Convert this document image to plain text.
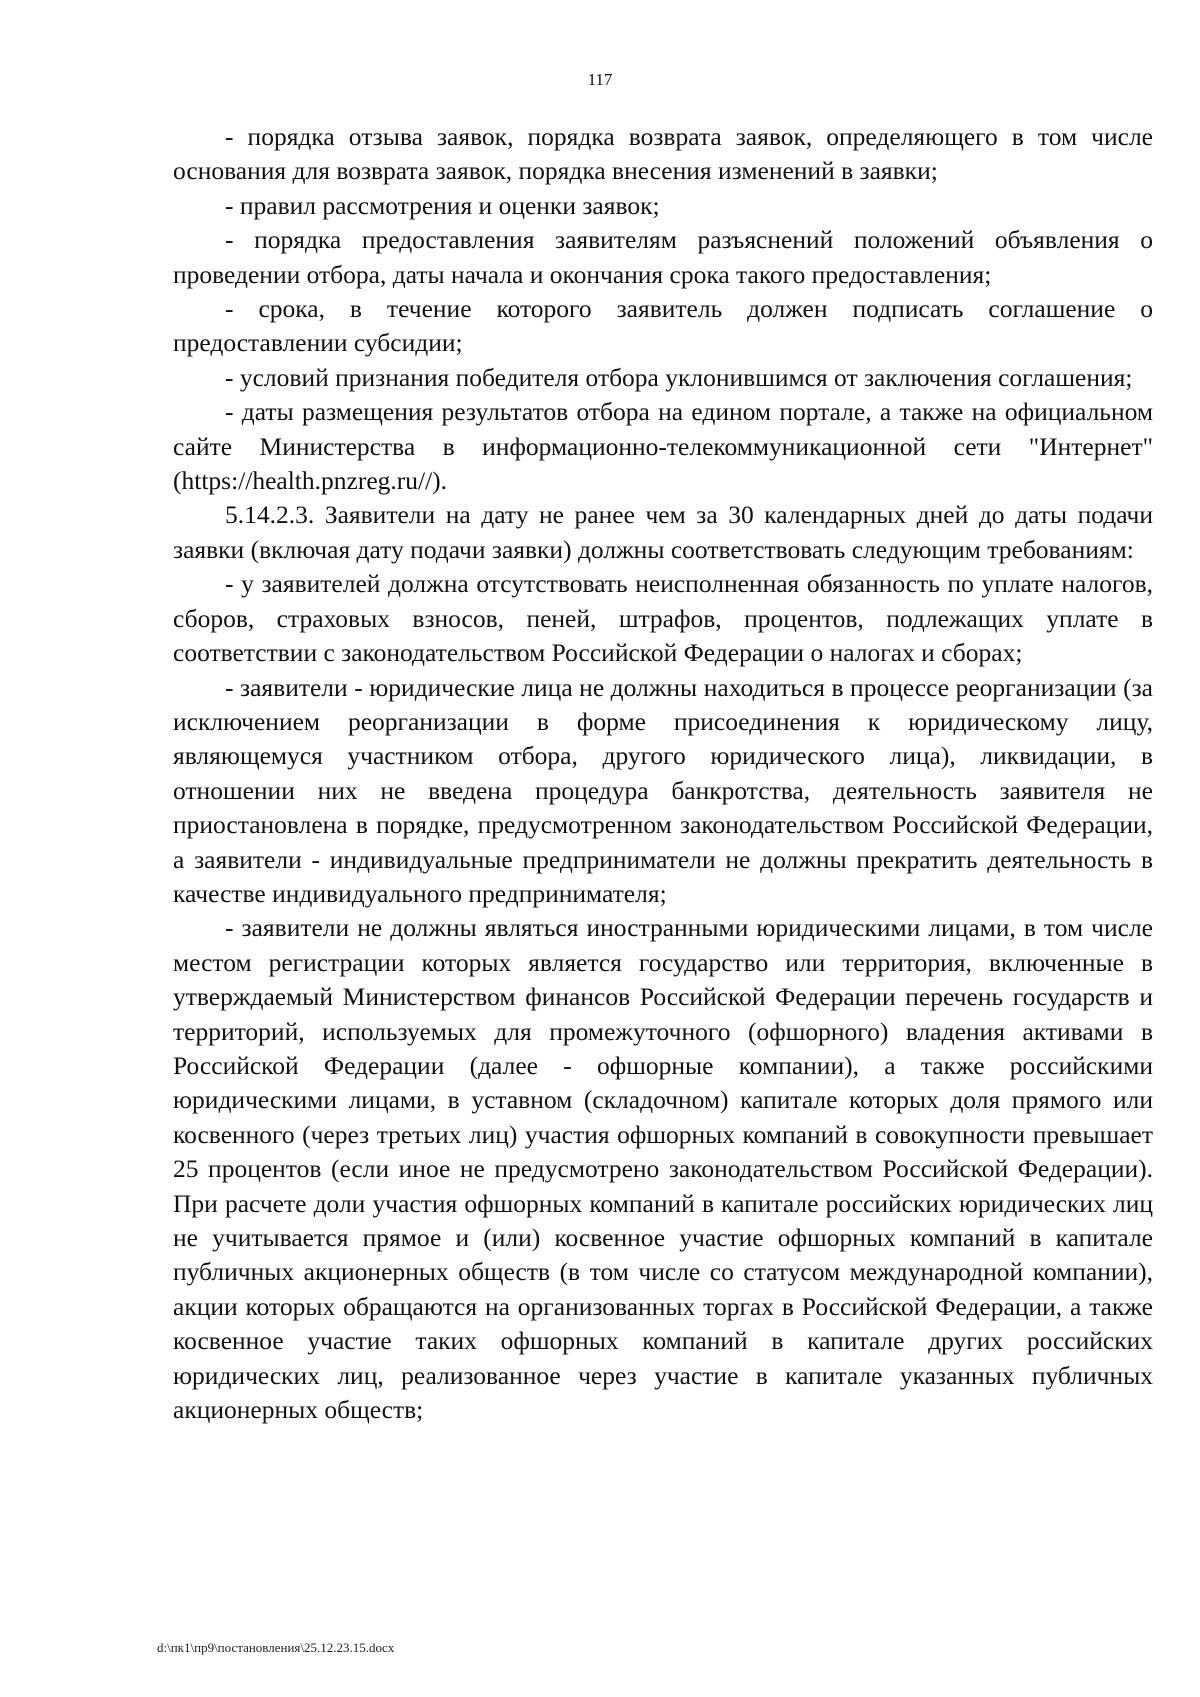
117

- порядка отзыва заявок, порядка возврата заявок, определяющего в том числе основания для возврата заявок, порядка внесения изменений в заявки;

- правил рассмотрения и оценки заявок;

- порядка предоставления заявителям разъяснений положений объявления о проведении отбора, даты начала и окончания срока такого предоставления;

- срока, в течение которого заявитель должен подписать соглашение о предоставлении субсидии;

- условий признания победителя отбора уклонившимся от заключения соглашения;

- даты размещения результатов отбора на едином портале, а также на официальном сайте Министерства в информационно-телекоммуникационной сети "Интернет" (https://health.pnzreg.ru//).

5.14.2.3. Заявители на дату не ранее чем за 30 календарных дней до даты подачи заявки (включая дату подачи заявки) должны соответствовать следующим требованиям:

- у заявителей должна отсутствовать неисполненная обязанность по уплате налогов, сборов, страховых взносов, пеней, штрафов, процентов, подлежащих уплате в соответствии с законодательством Российской Федерации о налогах и сборах;

- заявители - юридические лица не должны находиться в процессе реорганизации (за исключением реорганизации в форме присоединения к юридическому лицу, являющемуся участником отбора, другого юридического лица), ликвидации, в отношении них не введена процедура банкротства, деятельность заявителя не приостановлена в порядке, предусмотренном законодательством Российской Федерации, а заявители - индивидуальные предприниматели не должны прекратить деятельность в качестве индивидуального предпринимателя;

- заявители не должны являться иностранными юридическими лицами, в том числе местом регистрации которых является государство или территория, включенные в утверждаемый Министерством финансов Российской Федерации перечень государств и территорий, используемых для промежуточного (офшорного) владения активами в Российской Федерации (далее - офшорные компании), а также российскими юридическими лицами, в уставном (складочном) капитале которых доля прямого или косвенного (через третьих лиц) участия офшорных компаний в совокупности превышает 25 процентов (если иное не предусмотрено законодательством Российской Федерации). При расчете доли участия офшорных компаний в капитале российских юридических лиц не учитывается прямое и (или) косвенное участие офшорных компаний в капитале публичных акционерных обществ (в том числе со статусом международной компании), акции которых обращаются на организованных торгах в Российской Федерации, а также косвенное участие таких офшорных компаний в капитале других российских юридических лиц, реализованное через участие в капитале указанных публичных акционерных обществ;

d:\пк1\пр9\постановления\25.12.23.15.docx
